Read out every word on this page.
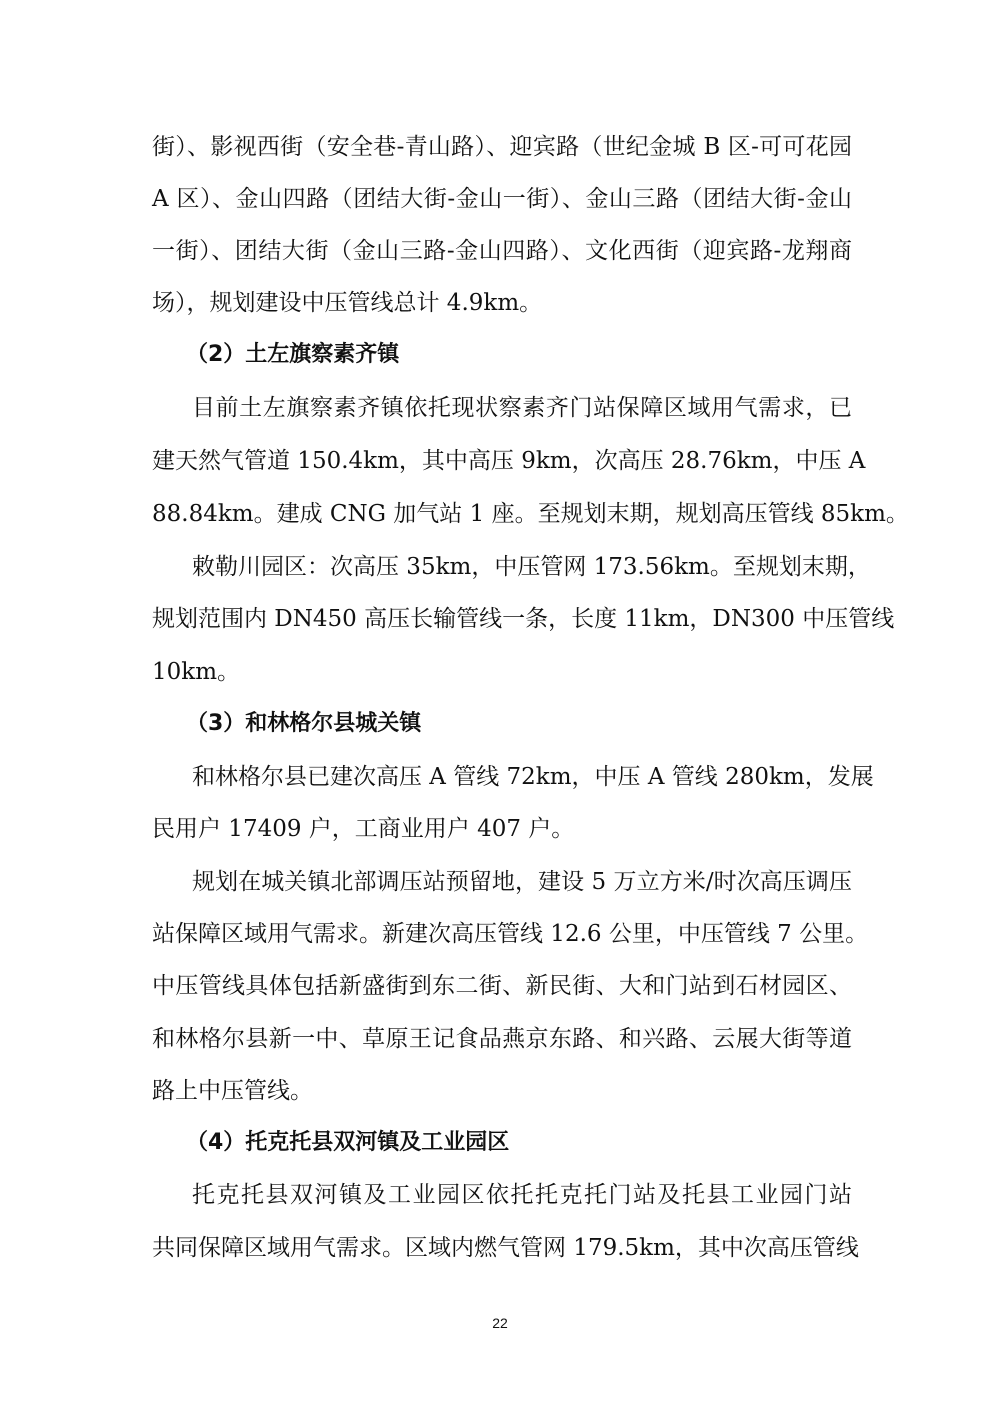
街）、影视西街（安全巷-青山路）、迎宾路（世纪金城 B 区-可可花园
A 区）、金山四路（团结大街-金山一街）、金山三路（团结大街-金山
一街）、团结大街（金山三路-金山四路）、文化西街（迎宾路-龙翔商
场），规划建设中压管线总计 4.9km。
（2）土左旗察素齐镇
目前土左旗察素齐镇依托现状察素齐门站保障区域用气需求，已
建天然气管道 150.4km，其中高压 9km，次高压 28.76km，中压 A
88.84km。建成 CNG 加气站 1 座。至规划末期，规划高压管线 85km。
敕勒川园区：次高压 35km，中压管网 173.56km。至规划末期，
规划范围内 DN450 高压长输管线一条，长度 11km，DN300 中压管线
10km。
（3）和林格尔县城关镇
和林格尔县已建次高压 A 管线 72km，中压 A 管线 280km，发展
民用户 17409 户，工商业用户 407 户。
规划在城关镇北部调压站预留地，建设 5 万立方米/时次高压调压
站保障区域用气需求。新建次高压管线 12.6 公里，中压管线 7 公里。
中压管线具体包括新盛街到东二街、新民街、大和门站到石材园区、
和林格尔县新一中、草原王记食品燕京东路、和兴路、云展大街等道
路上中压管线。
（4）托克托县双河镇及工业园区
托克托县双河镇及工业园区依托托克托门站及托县工业园门站
共同保障区域用气需求。区域内燃气管网 179.5km，其中次高压管线
22
